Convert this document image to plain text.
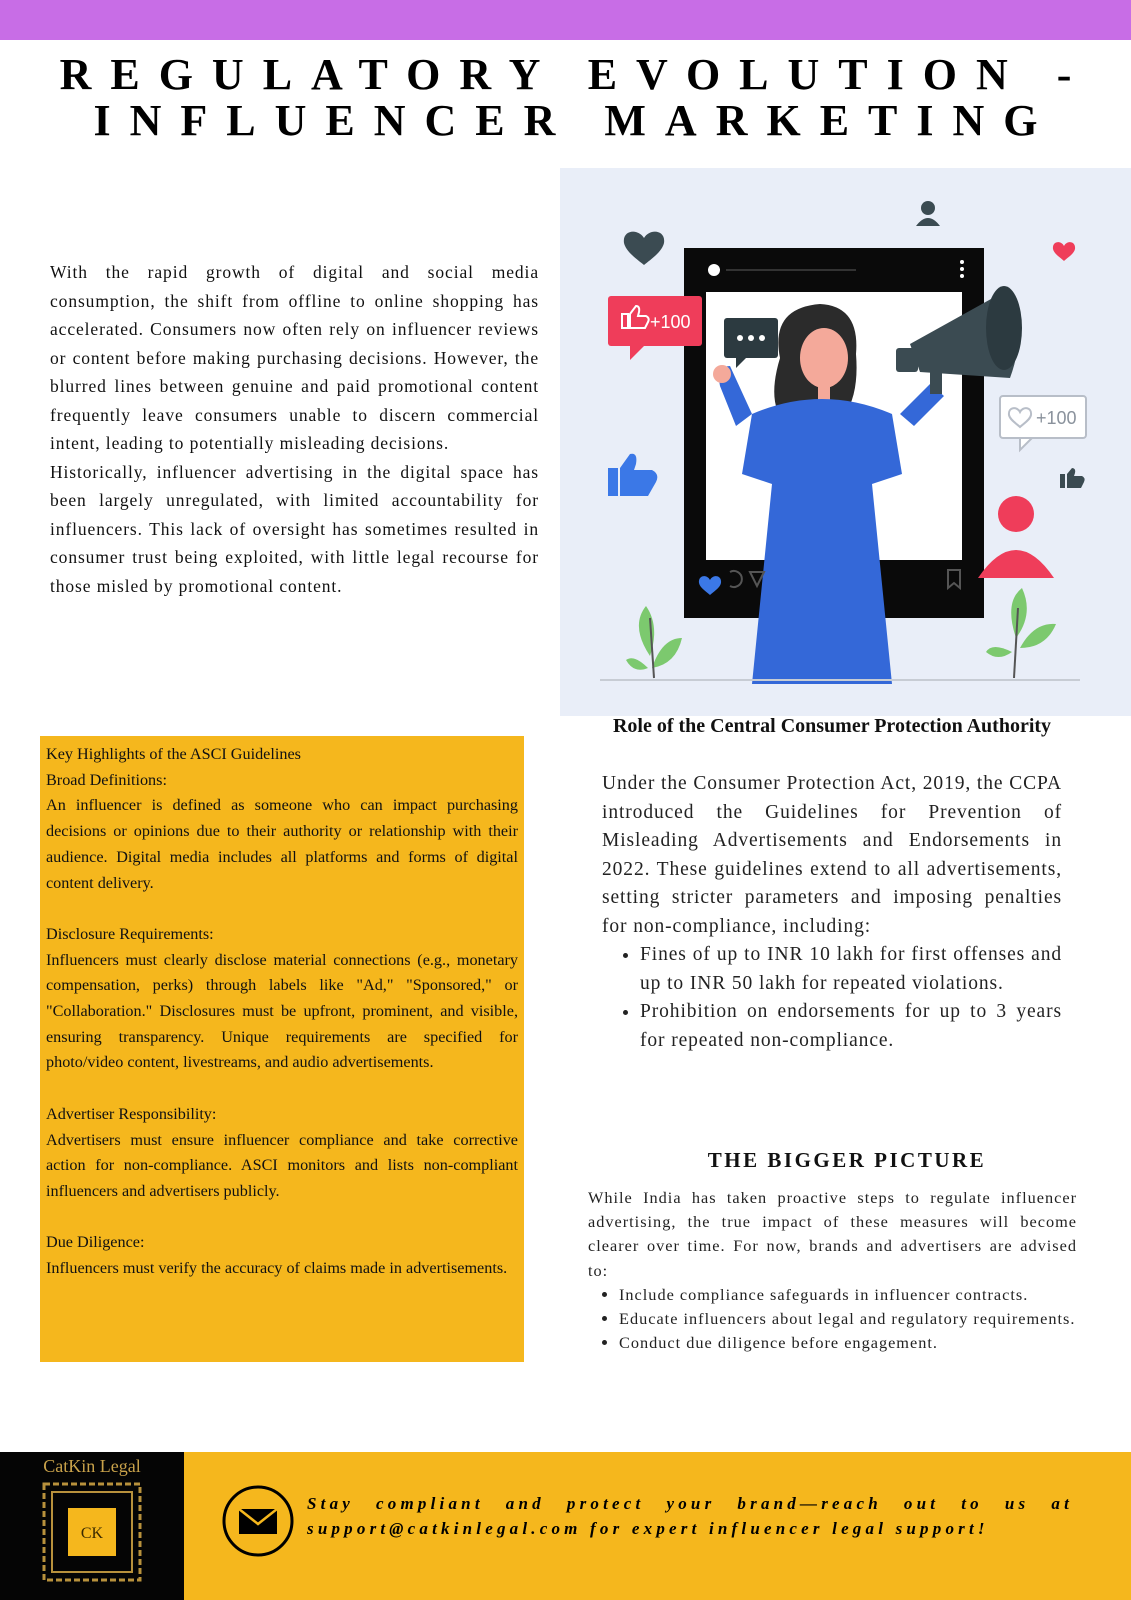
REGULATORY EVOLUTION -
INFLUENCER MARKETING

With the rapid growth of digital and social media consumption, the shift from offline to online shopping has accelerated. Consumers now often rely on influencer reviews or content before making purchasing decisions. However, the blurred lines between genuine and paid promotional content frequently leave consumers unable to discern commercial intent, leading to potentially misleading decisions.

Historically, influencer advertising in the digital space has been largely unregulated, with limited accountability for influencers. This lack of oversight has sometimes resulted in consumer trust being exploited, with little legal recourse for those misled by promotional content.

+100
+100
Key Highlights of the ASCI Guidelines
Broad Definitions:
An influencer is defined as someone who can impact purchasing decisions or opinions due to their authority or relationship with their audience. Digital media includes all platforms and forms of digital content delivery.
Disclosure Requirements:
Influencers must clearly disclose material connections (e.g., monetary compensation, perks) through labels like "Ad," "Sponsored," or "Collaboration." Disclosures must be upfront, prominent, and visible, ensuring transparency. Unique requirements are specified for photo/video content, livestreams, and audio advertisements.
Advertiser Responsibility:
Advertisers must ensure influencer compliance and take corrective action for non-compliance. ASCI monitors and lists non-compliant influencers and advertisers publicly.
Due Diligence:
Influencers must verify the accuracy of claims made in advertisements.
Role of the Central Consumer Protection Authority

Under the Consumer Protection Act, 2019, the CCPA introduced the Guidelines for Prevention of Misleading Advertisements and Endorsements in 2022. These guidelines extend to all advertisements, setting stricter parameters and imposing penalties for non-compliance, including:

• Fines of up to INR 10 lakh for first offenses and up to INR 50 lakh for repeated violations.
• Prohibition on endorsements for up to 3 years for repeated non-compliance.
THE BIGGER PICTURE

While India has taken proactive steps to regulate influencer advertising, the true impact of these measures will become clearer over time. For now, brands and advertisers are advised to:

• Include compliance safeguards in influencer contracts.
• Educate influencers about legal and regulatory requirements.
• Conduct due diligence before engagement.
CatKin Legal
CK
Stay compliant and protect your brand—reach out to us at support@catkinlegal.com for expert influencer legal support!
